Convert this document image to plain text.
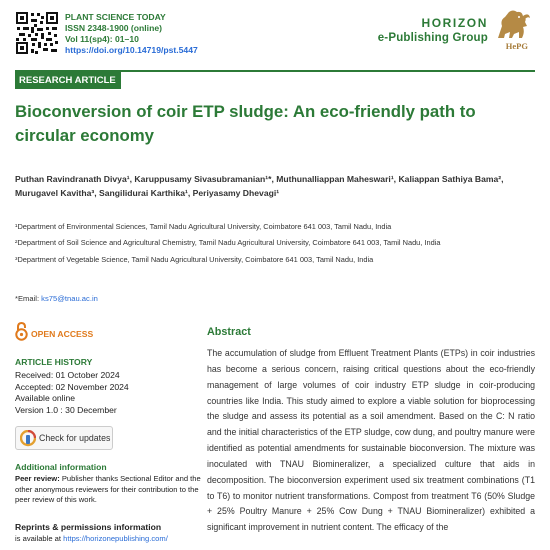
PLANT SCIENCE TODAY
ISSN 2348-1900 (online)
Vol 11(sp4): 01–10
https://doi.org/10.14719/pst.5447
HORIZON
e-Publishing Group
HePG
RESEARCH ARTICLE
Bioconversion of coir ETP sludge: An eco-friendly path to circular economy
Puthan Ravindranath Divya¹, Karuppusamy Sivasubramanian¹*, Muthunalliappan Maheswari¹, Kaliappan Sathiya Bama², Murugavel Kavitha³, Sangilidurai Karthika¹, Periyasamy Dhevagi¹
¹Department of Environmental Sciences, Tamil Nadu Agricultural University, Coimbatore 641 003, Tamil Nadu, India
²Department of Soil Science and Agricultural Chemistry, Tamil Nadu Agricultural University, Coimbatore 641 003, Tamil Nadu, India
³Department of Vegetable Science, Tamil Nadu Agricultural University, Coimbatore 641 003, Tamil Nadu, India
*Email: ks75@tnau.ac.in
OPEN ACCESS
ARTICLE HISTORY
Received: 01 October 2024
Accepted: 02 November 2024
Available online
Version 1.0 : 30 December
Check for updates
Additional information
Peer review: Publisher thanks Sectional Editor and the other anonymous reviewers for their contribution to the peer review of this work.
Reprints & permissions information
is available at https://horizonepublishing.com/
Abstract

The accumulation of sludge from Effluent Treatment Plants (ETPs) in coir industries has become a serious concern, raising critical questions about the eco-friendly management of large volumes of coir industry ETP sludge in coir-producing countries like India. This study aimed to explore a viable solution for bioprocessing the sludge and assess its potential as a soil amendment. Based on the C: N ratio and the initial characteristics of the ETP sludge, cow dung, and poultry manure were identified as potential amendments for sustainable bioconversion. The mixture was inoculated with TNAU Biomineralizer, a specialized culture that aids in decomposition. The bioconversion experiment used six treatment combinations (T1 to T6) to monitor nutrient transformations. Compost from treatment T6 (50% Sludge + 25% Poultry Manure + 25% Cow Dung + TNAU Biomineralizer) exhibited a significant improvement in nutrient content. The efficacy of the
